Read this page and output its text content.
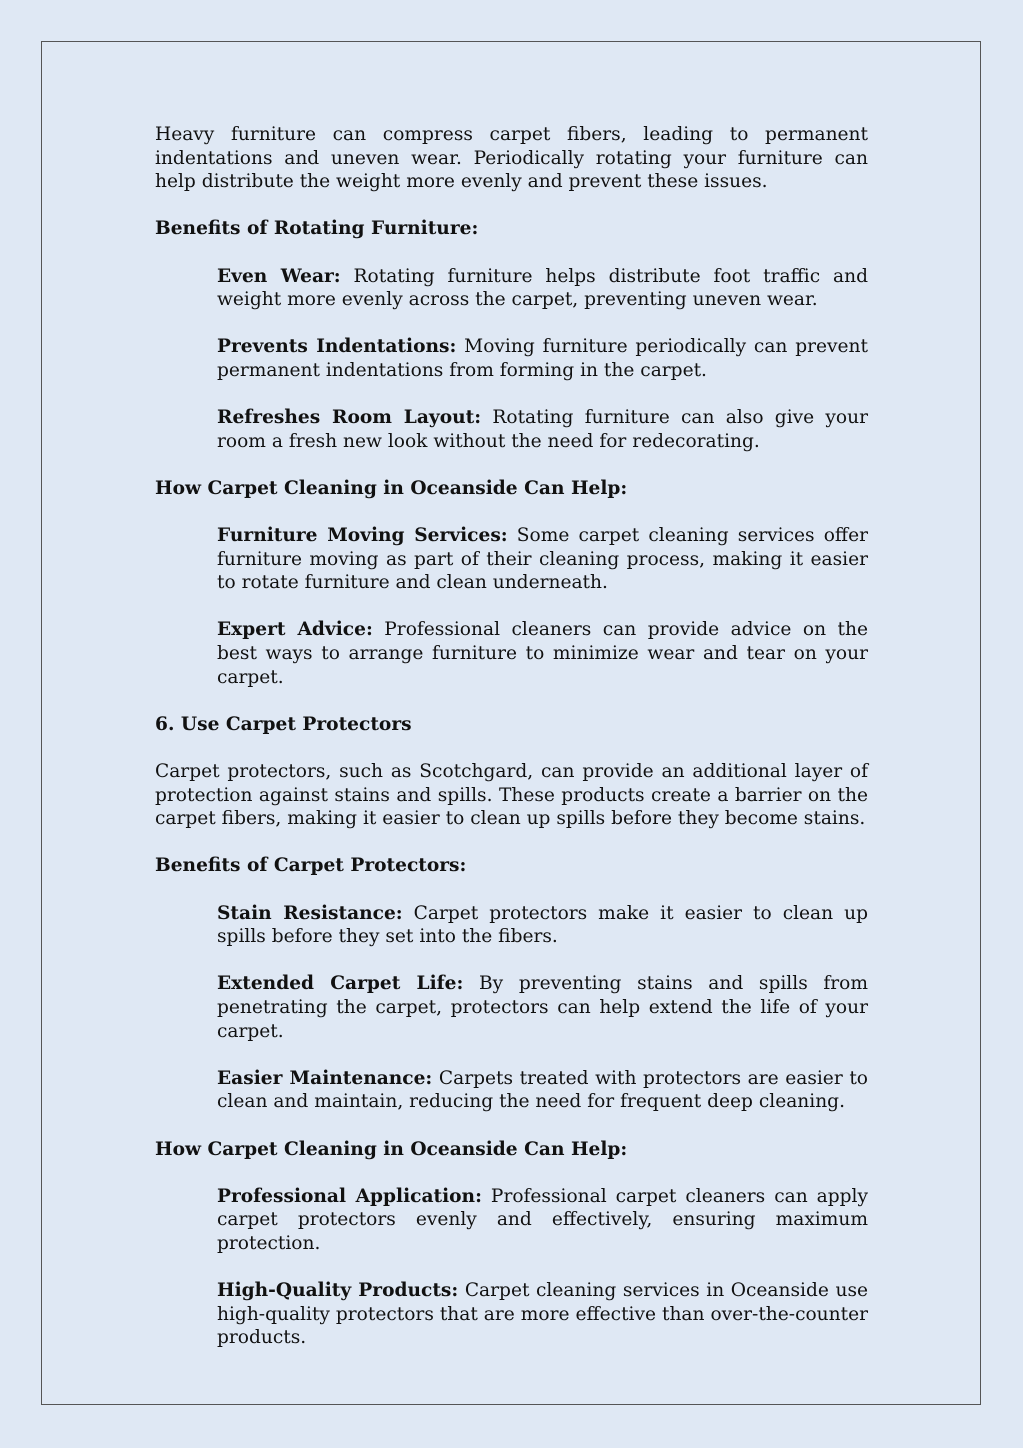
Heavy furniture can compress carpet fibers, leading to permanent indentations and uneven wear. Periodically rotating your furniture can help distribute the weight more evenly and prevent these issues.

Benefits of Rotating Furniture:

Even Wear: Rotating furniture helps distribute foot traffic and weight more evenly across the carpet, preventing uneven wear.

Prevents Indentations: Moving furniture periodically can prevent permanent indentations from forming in the carpet.

Refreshes Room Layout: Rotating furniture can also give your room a fresh new look without the need for redecorating.

How Carpet Cleaning in Oceanside Can Help:

Furniture Moving Services: Some carpet cleaning services offer furniture moving as part of their cleaning process, making it easier to rotate furniture and clean underneath.

Expert Advice: Professional cleaners can provide advice on the best ways to arrange furniture to minimize wear and tear on your carpet.

6. Use Carpet Protectors

Carpet protectors, such as Scotchgard, can provide an additional layer of protection against stains and spills. These products create a barrier on the carpet fibers, making it easier to clean up spills before they become stains.

Benefits of Carpet Protectors:

Stain Resistance: Carpet protectors make it easier to clean up spills before they set into the fibers.

Extended Carpet Life: By preventing stains and spills from penetrating the carpet, protectors can help extend the life of your carpet.

Easier Maintenance: Carpets treated with protectors are easier to clean and maintain, reducing the need for frequent deep cleaning.

How Carpet Cleaning in Oceanside Can Help:

Professional Application: Professional carpet cleaners can apply carpet protectors evenly and effectively, ensuring maximum protection.

High-Quality Products: Carpet cleaning services in Oceanside use high-quality protectors that are more effective than over-the-counter products.
